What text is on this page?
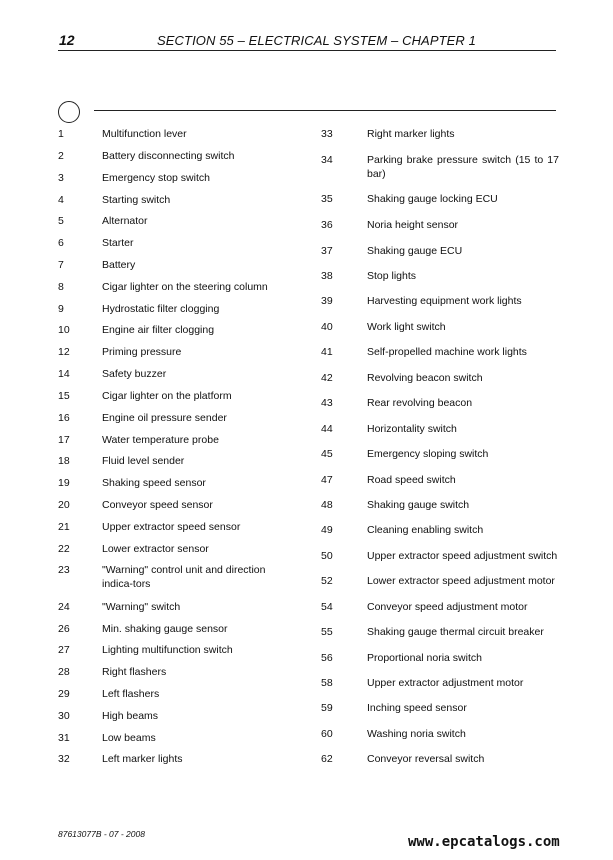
12	SECTION 55 – ELECTRICAL SYSTEM – CHAPTER 1
1	Multifunction lever
2	Battery disconnecting switch
3	Emergency stop switch
4	Starting switch
5	Alternator
6	Starter
7	Battery
8	Cigar lighter on the steering column
9	Hydrostatic filter clogging
10	Engine air filter clogging
12	Priming pressure
14	Safety buzzer
15	Cigar lighter on the platform
16	Engine oil pressure sender
17	Water temperature probe
18	Fluid level sender
19	Shaking speed sensor
20	Conveyor speed sensor
21	Upper extractor speed sensor
22	Lower extractor sensor
23	"Warning" control unit and direction indica-tors
24	"Warning" switch
26	Min. shaking gauge sensor
27	Lighting multifunction switch
28	Right flashers
29	Left flashers
30	High beams
31	Low beams
32	Left marker lights
33	Right marker lights
34	Parking brake pressure switch (15 to 17 bar)
35	Shaking gauge locking ECU
36	Noria height sensor
37	Shaking gauge ECU
38	Stop lights
39	Harvesting equipment work lights
40	Work light switch
41	Self-propelled machine work lights
42	Revolving beacon switch
43	Rear revolving beacon
44	Horizontality switch
45	Emergency sloping switch
47	Road speed switch
48	Shaking gauge switch
49	Cleaning enabling switch
50	Upper extractor speed adjustment switch
52	Lower extractor speed adjustment motor
54	Conveyor speed adjustment motor
55	Shaking gauge thermal circuit breaker
56	Proportional noria switch
58	Upper extractor adjustment motor
59	Inching speed sensor
60	Washing noria switch
62	Conveyor reversal switch
87613077B - 07 - 2008	www.epcatalogs.com
